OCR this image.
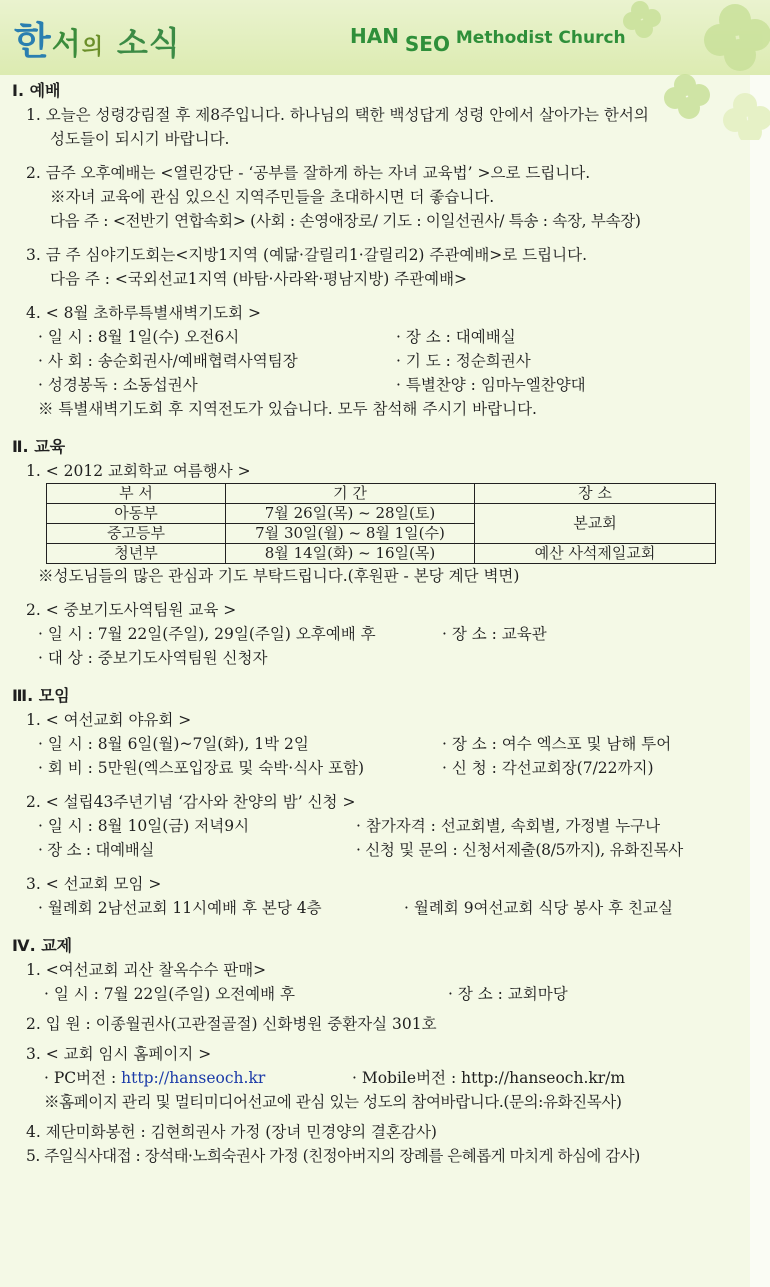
한서의 소식	HAN SEO Methodist Church
Ⅰ. 예배
1. 오늘은 성령강림절 후 제8주입니다. 하나님의 택한 백성답게 성령 안에서 살아가는 한서의
성도들이 되시기 바랍니다.
2. 금주 오후예배는 <열린강단 - ‘공부를 잘하게 하는 자녀 교육법’ >으로 드립니다.
※자녀 교육에 관심 있으신 지역주민들을 초대하시면 더 좋습니다.
다음 주 : <전반기 연합속회> (사회 : 손영애장로/ 기도 : 이일선권사/ 특송 : 속장, 부속장)
3. 금 주 심야기도회는<지방1지역 (예닮·갈릴리1·갈릴리2) 주관예배>로 드립니다.
다음 주 : <국외선교1지역 (바탐·사라왁·평남지방) 주관예배>
4. < 8월 초하루특별새벽기도회 >
· 일 시 : 8월 1일(수) 오전6시	· 장 소 : 대예배실
· 사 회 : 송순회권사/예배협력사역팀장	· 기 도 : 정순희권사
· 성경봉독 : 소동섭권사	· 특별찬양 : 임마누엘찬양대
※ 특별새벽기도회 후 지역전도가 있습니다. 모두 참석해 주시기 바랍니다.
Ⅱ. 교육
1. < 2012 교회학교 여름행사 >
부 서	기 간	장 소
아동부	7월 26일(목) ~ 28일(토)	본교회
중고등부	7월 30일(월) ~ 8월 1일(수)	
청년부	8월 14일(화) ~ 16일(목)	예산 사석제일교회
※성도님들의 많은 관심과 기도 부탁드립니다.(후원판 - 본당 계단 벽면)
2. < 중보기도사역팀원 교육 >
· 일 시 : 7월 22일(주일), 29일(주일) 오후예배 후	· 장 소 : 교육관
· 대 상 : 중보기도사역팀원 신청자
Ⅲ. 모임
1. < 여선교회 야유회 >
· 일 시 : 8월 6일(월)~7일(화), 1박 2일	· 장 소 : 여수 엑스포 및 남해 투어
· 회 비 : 5만원(엑스포입장료 및 숙박·식사 포함)	· 신 청 : 각선교회장(7/22까지)
2. < 설립43주년기념 ‘감사와 찬양의 밤’ 신청 >
· 일 시 : 8월 10일(금) 저녁9시	· 참가자격 : 선교회별, 속회별, 가정별 누구나
· 장 소 : 대예배실	· 신청 및 문의 : 신청서제출(8/5까지), 유화진목사
3. < 선교회 모임 >
· 월례회 2남선교회 11시예배 후 본당 4층	· 월례회 9여선교회 식당 봉사 후 친교실
Ⅳ. 교제
1. <여선교회 괴산 찰옥수수 판매>
· 일 시 : 7월 22일(주일) 오전예배 후	· 장 소 : 교회마당
2. 입 원 : 이종월권사(고관절골절) 신화병원 중환자실 301호
3. < 교회 임시 홈페이지 >
· PC버전 : http://hanseoch.kr	· Mobile버전 : http://hanseoch.kr/m
※홈페이지 관리 및 멀티미디어선교에 관심 있는 성도의 참여바랍니다.(문의:유화진목사)
4. 제단미화봉헌 : 김현희권사 가정 (장녀 민경양의 결혼감사)
5. 주일식사대접 : 장석태·노희숙권사 가정 (친정아버지의 장례를 은혜롭게 마치게 하심에 감사)
